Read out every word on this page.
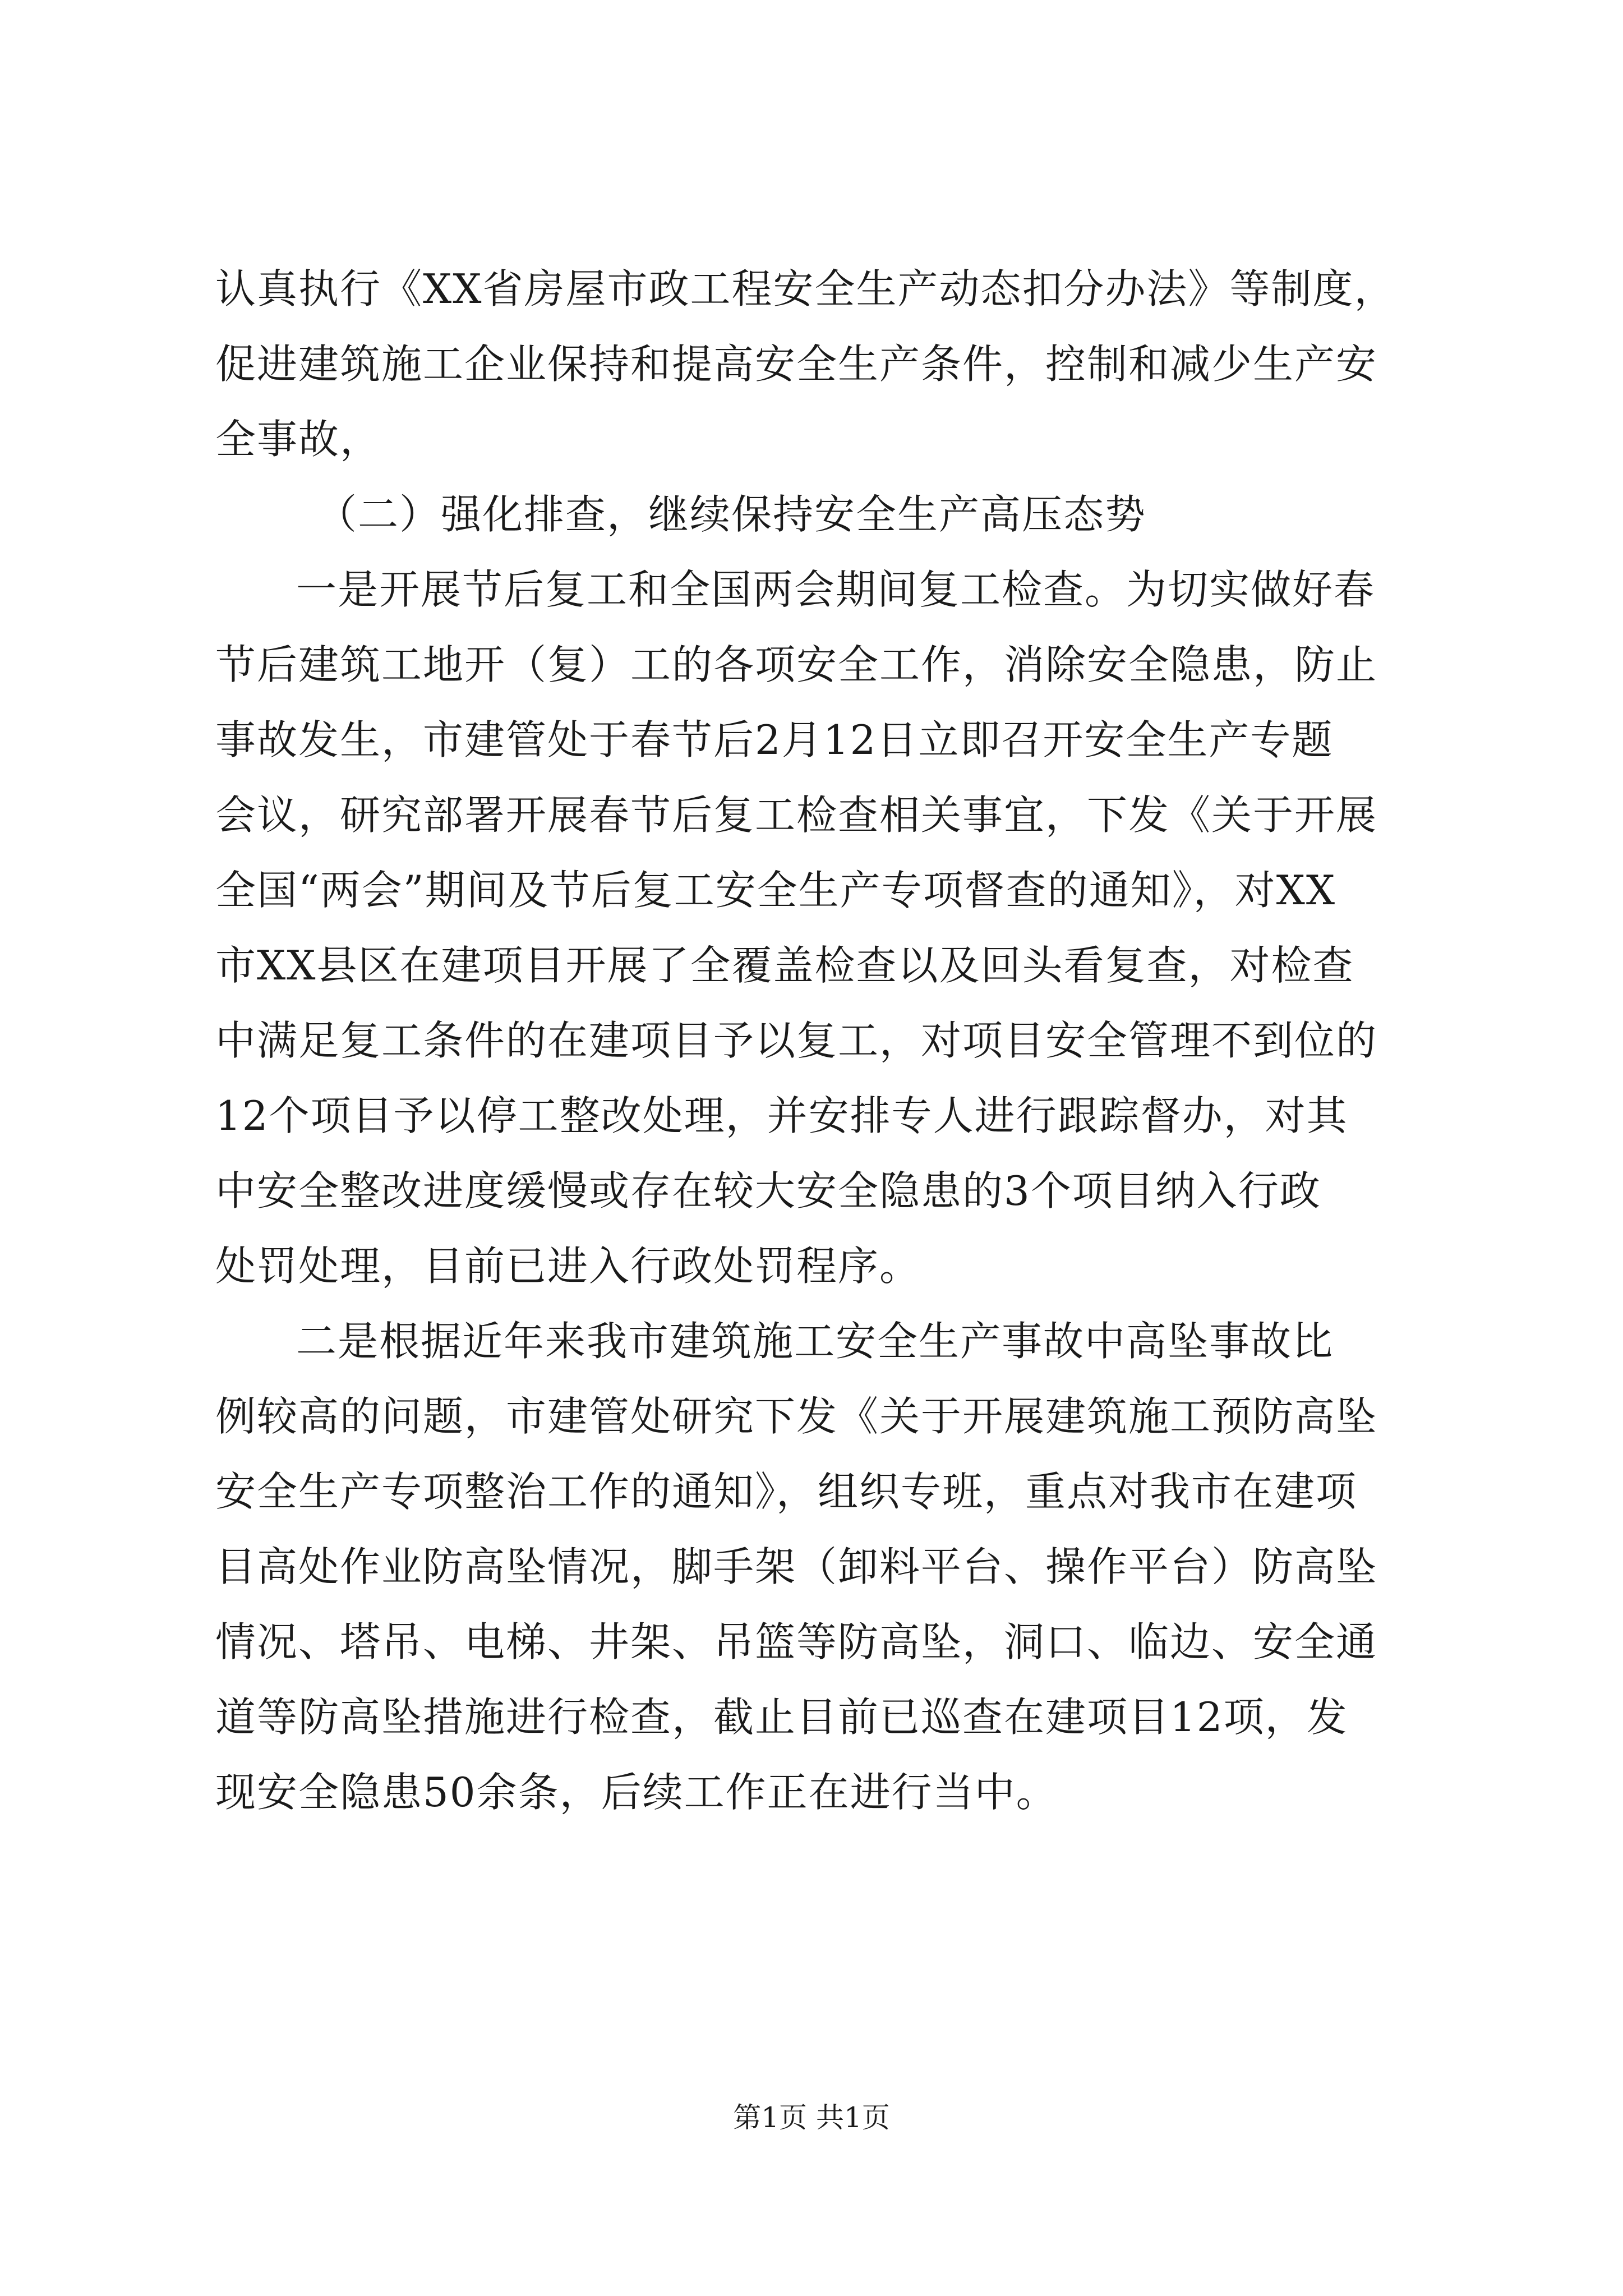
认真执行《XX省房屋市政工程安全生产动态扣分办法》等制度，
促进建筑施工企业保持和提高安全生产条件，控制和减少生产安
全事故，
（二）强化排查，继续保持安全生产高压态势
一是开展节后复工和全国两会期间复工检查。为切实做好春
节后建筑工地开（复）工的各项安全工作，消除安全隐患，防止
事故发生，市建管处于春节后2月12日立即召开安全生产专题
会议，研究部署开展春节后复工检查相关事宜，下发《关于开展
全国“两会”期间及节后复工安全生产专项督查的通知》，对XX
市XX县区在建项目开展了全覆盖检查以及回头看复查，对检查
中满足复工条件的在建项目予以复工，对项目安全管理不到位的
12个项目予以停工整改处理，并安排专人进行跟踪督办，对其
中安全整改进度缓慢或存在较大安全隐患的3个项目纳入行政
处罚处理，目前已进入行政处罚程序。
二是根据近年来我市建筑施工安全生产事故中高坠事故比
例较高的问题，市建管处研究下发《关于开展建筑施工预防高坠
安全生产专项整治工作的通知》，组织专班，重点对我市在建项
目高处作业防高坠情况，脚手架（卸料平台、操作平台）防高坠
情况、塔吊、电梯、井架、吊篮等防高坠，洞口、临边、安全通
道等防高坠措施进行检查，截止目前已巡查在建项目12项，发
现安全隐患50余条，后续工作正在进行当中。
第1页 共1页
